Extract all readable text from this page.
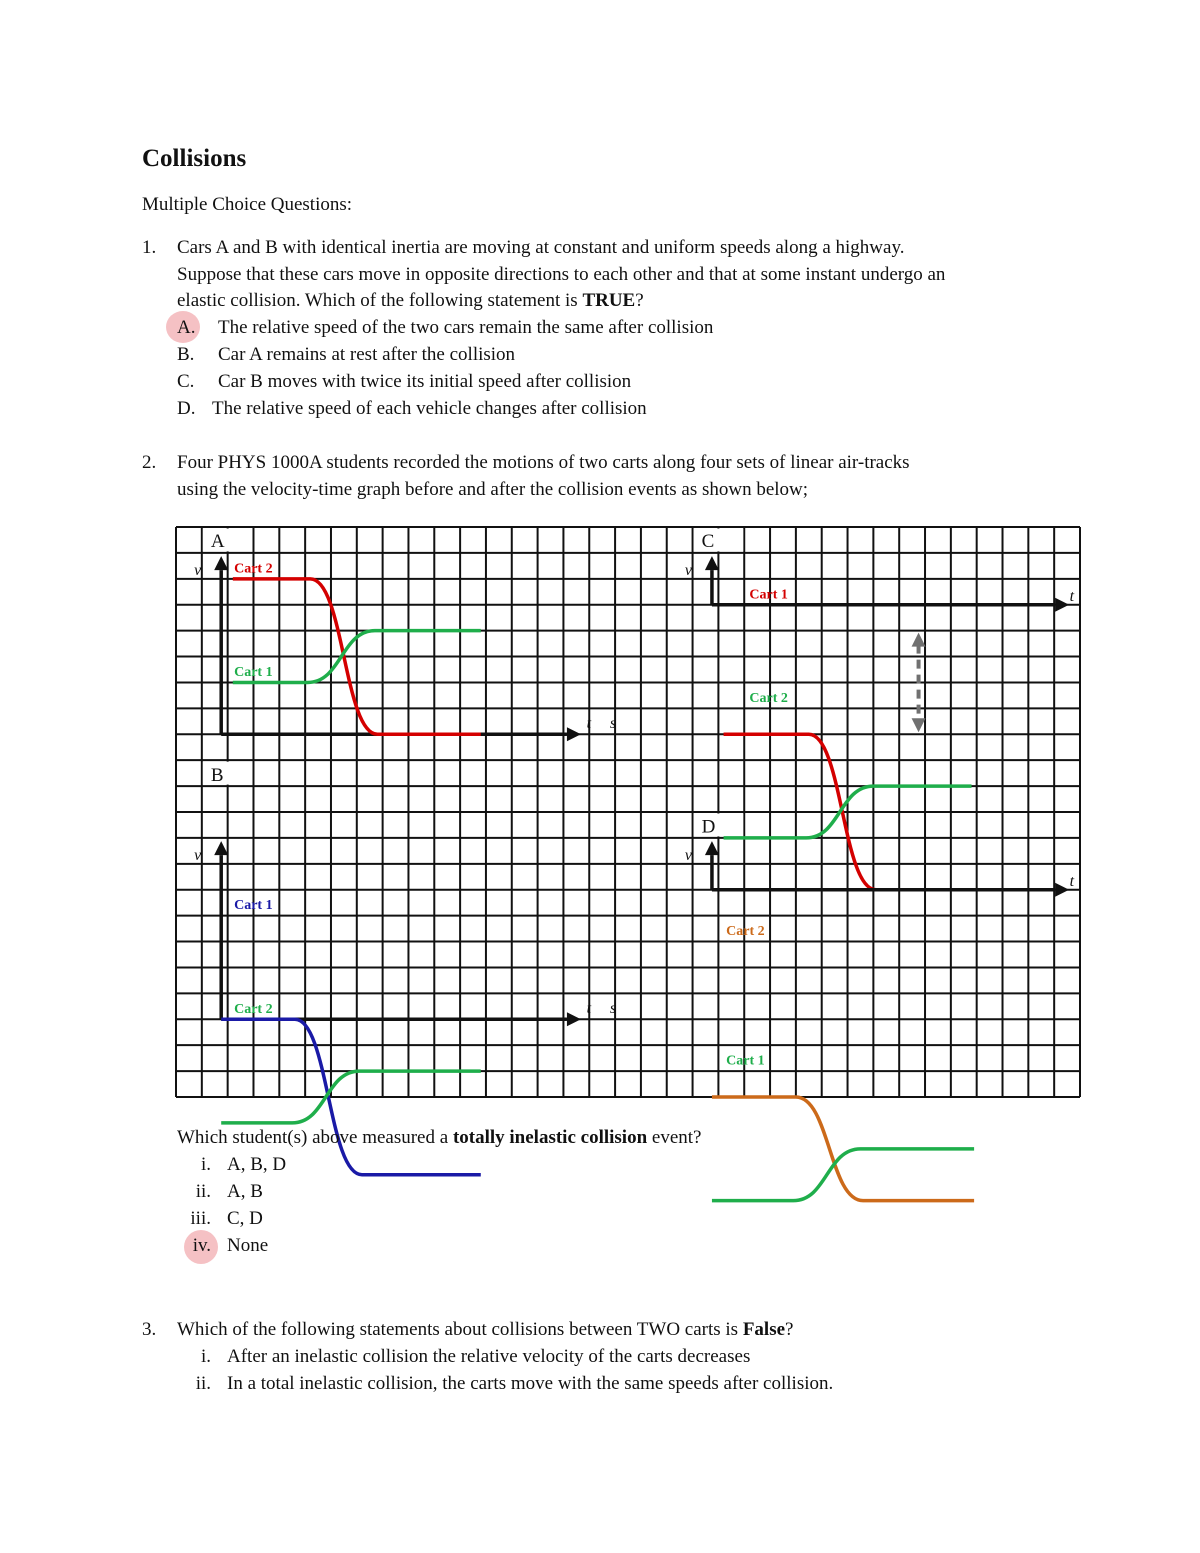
Collisions
Multiple Choice Questions:
1. Cars A and B with identical inertia are moving at constant and uniform speeds along a highway.
Suppose that these cars move in opposite directions to each other and that at some instant undergo an
elastic collision. Which of the following statement is TRUE?
A. The relative speed of the two cars remain the same after collision
B. Car A remains at rest after the collision
C. Car B moves with twice its initial speed after collision
D. The relative speed of each vehicle changes after collision
2. Four PHYS 1000A students recorded the motions of two carts along four sets of linear air-tracks
using the velocity-time graph before and after the collision events as shown below;
A
v
t s
Cart 2
Cart 1
B
v
t s
Cart 1
Cart 2
C
v
t
Cart 1
Cart 2
D
v
t
Cart 2
Cart 1
Which student(s) above measured a totally inelastic collision event?
i. A, B, D
ii. A, B
iii. C, D
iv. None
3. Which of the following statements about collisions between TWO carts is False?
i. After an inelastic collision the relative velocity of the carts decreases
ii. In a total inelastic collision, the carts move with the same speeds after collision.
